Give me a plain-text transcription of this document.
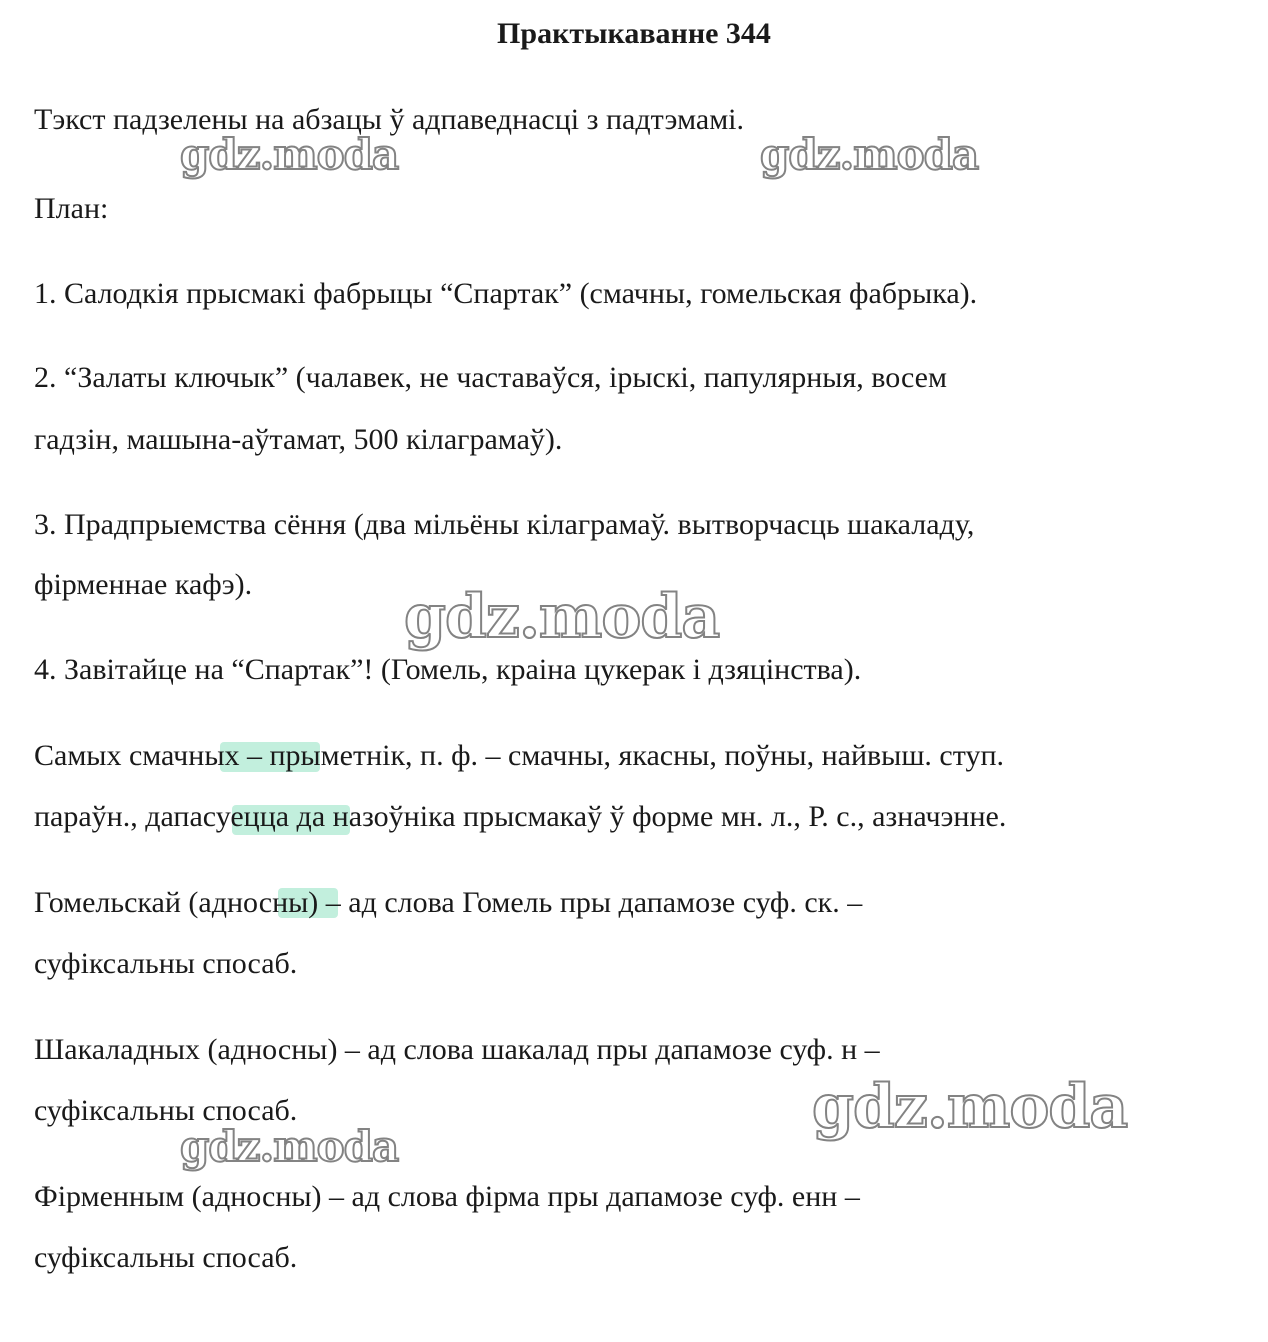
Практыкаванне 344
Тэкст падзелены на абзацы ў адпаведнасці з падтэмамі.
План:
1. Салодкія прысмакі фабрыцы “Спартак” (смачны, гомельская фабрыка).
2. “Залаты ключык” (чалавек, не частаваўся, ірыскі, папулярныя, восем
гадзін, машына-аўтамат, 500 кілаграмаў).
3. Прадпрыемства сёння (два мільёны кілаграмаў. вытворчасць шакаладу,
фірменнае кафэ).
4. Завітайце на “Спартак”! (Гомель, краіна цукерак і дзяцінства).
Самых смачных – прыметнік, п. ф. – смачны, якасны, поўны, найвыш. ступ.
параўн., дапасуецца да назоўніка прысмакаў ў форме мн. л., Р. с., азначэнне.
Гомельскай (адносны) – ад слова Гомель пры дапамозе суф. ск. –
суфіксальны спосаб.
Шакаладных (адносны) – ад слова шакалад пры дапамозе суф. н –
суфіксальны спосаб.
Фірменным (адносны) – ад слова фірма пры дапамозе суф. енн –
суфіксальны спосаб.
gdz.moda	gdz.moda
gdz.moda
gdz.moda
gdz.moda
